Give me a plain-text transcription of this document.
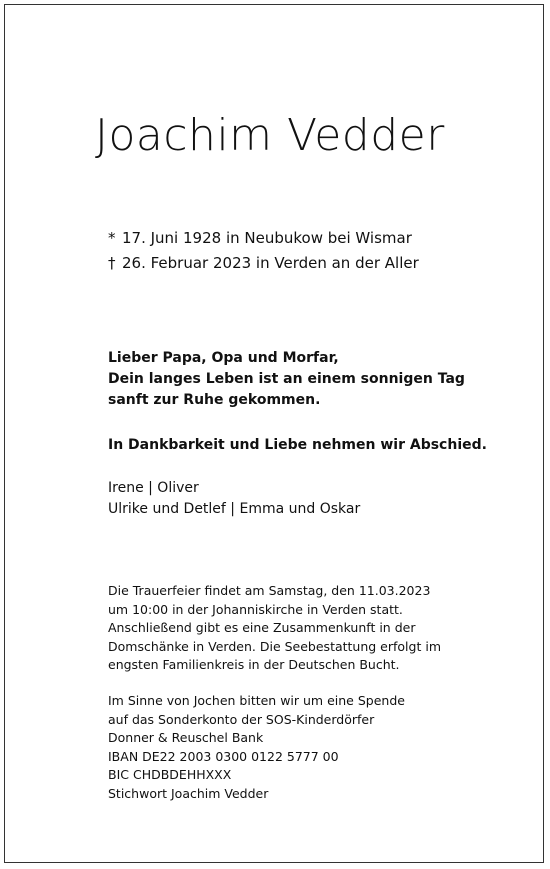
Joachim Vedder
* 17. Juni 1928 in Neubukow bei Wismar
† 26. Februar 2023 in Verden an der Aller
Lieber Papa, Opa und Morfar,
Dein langes Leben ist an einem sonnigen Tag
sanft zur Ruhe gekommen.
In Dankbarkeit und Liebe nehmen wir Abschied.
Irene | Oliver
Ulrike und Detlef | Emma und Oskar
Die Trauerfeier findet am Samstag, den 11.03.2023
um 10:00 in der Johanniskirche in Verden statt.
Anschließend gibt es eine Zusammenkunft in der
Domschänke in Verden. Die Seebestattung erfolgt im
engsten Familienkreis in der Deutschen Bucht.
Im Sinne von Jochen bitten wir um eine Spende
auf das Sonderkonto der SOS-Kinderdörfer
Donner & Reuschel Bank
IBAN DE22 2003 0300 0122 5777 00
BIC CHDBDEHHXXX
Stichwort Joachim Vedder
